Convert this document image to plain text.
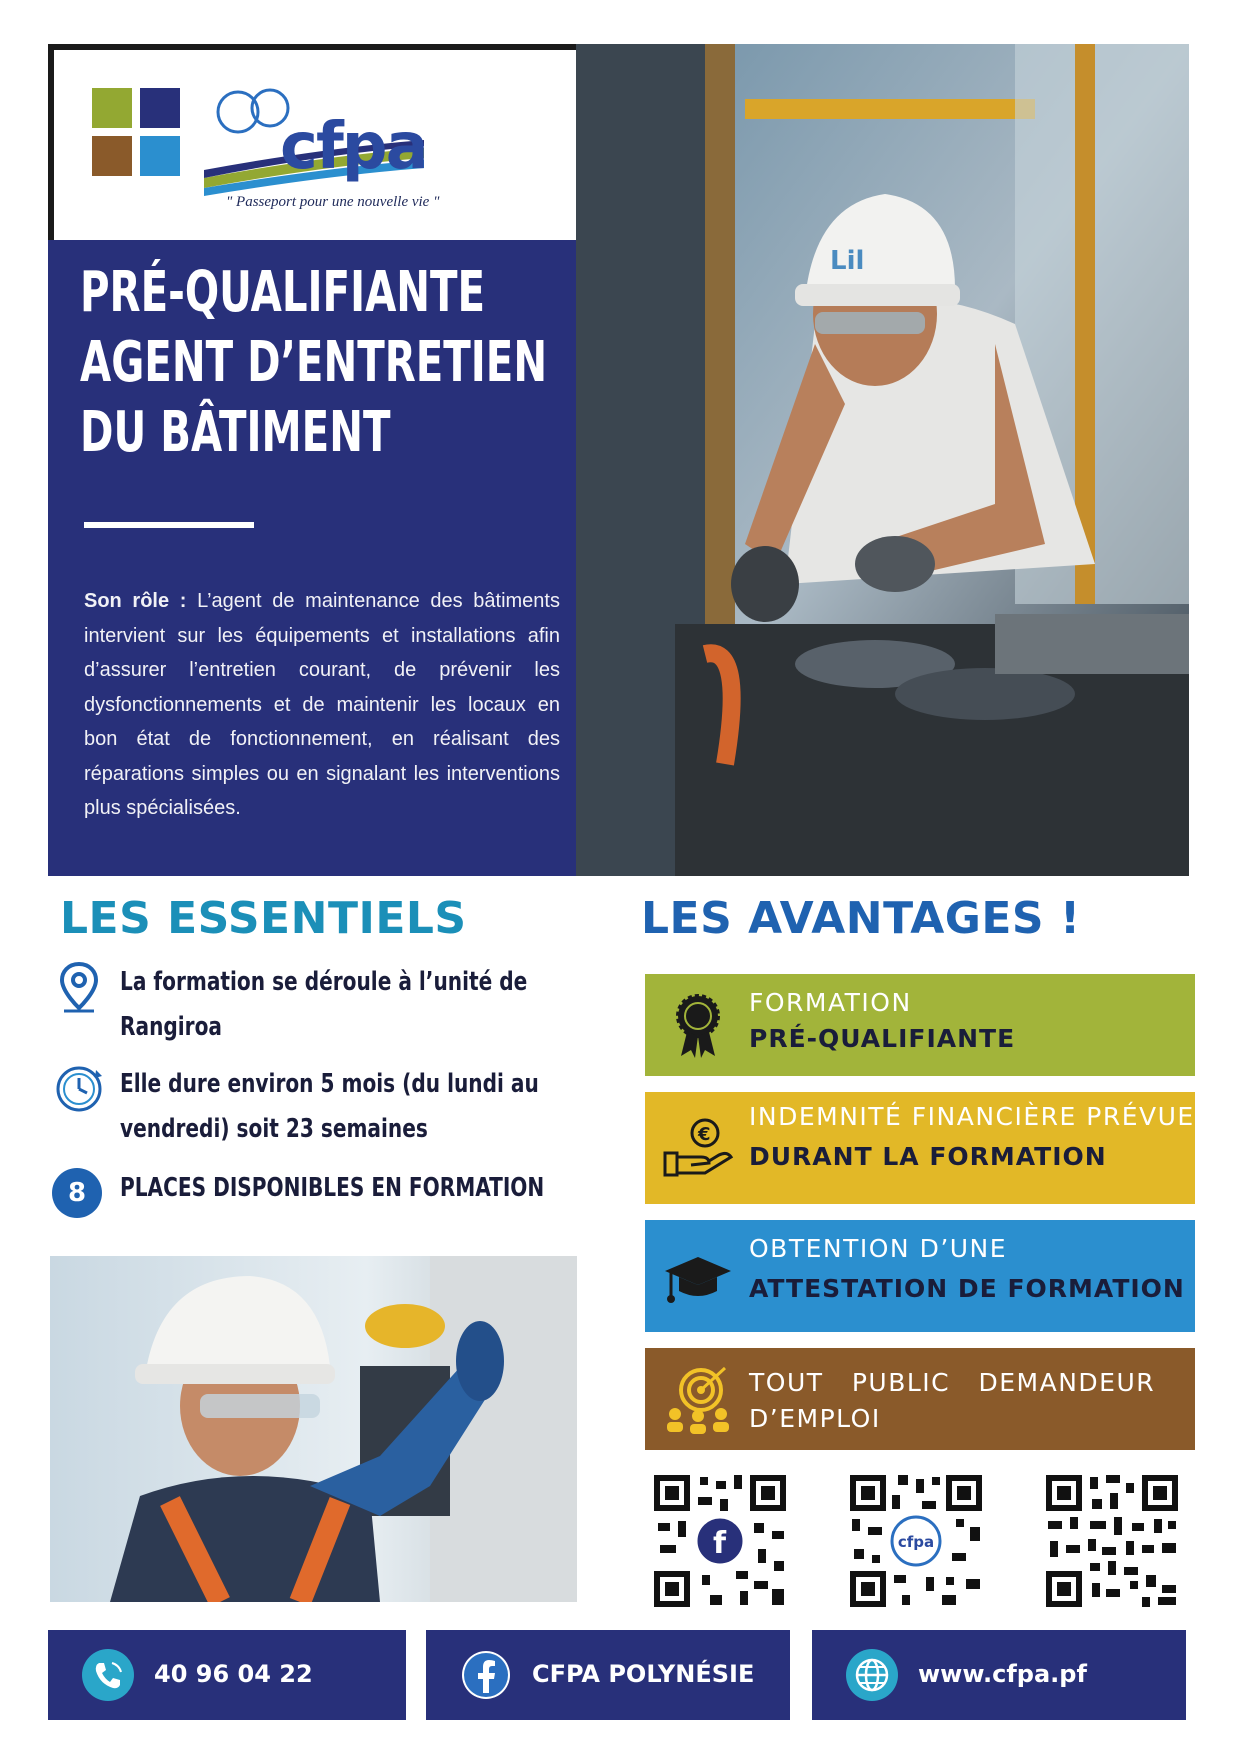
Lil
cfpa
" Passeport pour une nouvelle vie "
PRÉ-QUALIFIANTE
AGENT D’ENTRETIEN
DU BÂTIMENT

Son rôle : L’agent de maintenance des bâtiments intervient sur les équipements et installations afin d’assurer l’entretien courant, de prévenir les dysfonctionnements et de maintenir les locaux en bon état de fonctionnement, en réalisant des réparations simples ou en signalant les interventions plus spécialisées.

LES ESSENTIELS
La formation se déroule à l’unité de Rangiroa
Elle dure environ 5 mois (du lundi au vendredi) soit 23 semaines
8	PLACES DISPONIBLES EN FORMATION
LES AVANTAGES !
FORMATION
PRÉ-QUALIFIANTE
€
INDEMNITÉ FINANCIÈRE PRÉVUE
DURANT LA FORMATION
OBTENTION D’UNE
ATTESTATION DE FORMATION
TOUT   PUBLIC   DEMANDEUR
D’EMPLOI
f	cfpa
40 96 04 22	CFPA POLYNÉSIE	www.cfpa.pf
